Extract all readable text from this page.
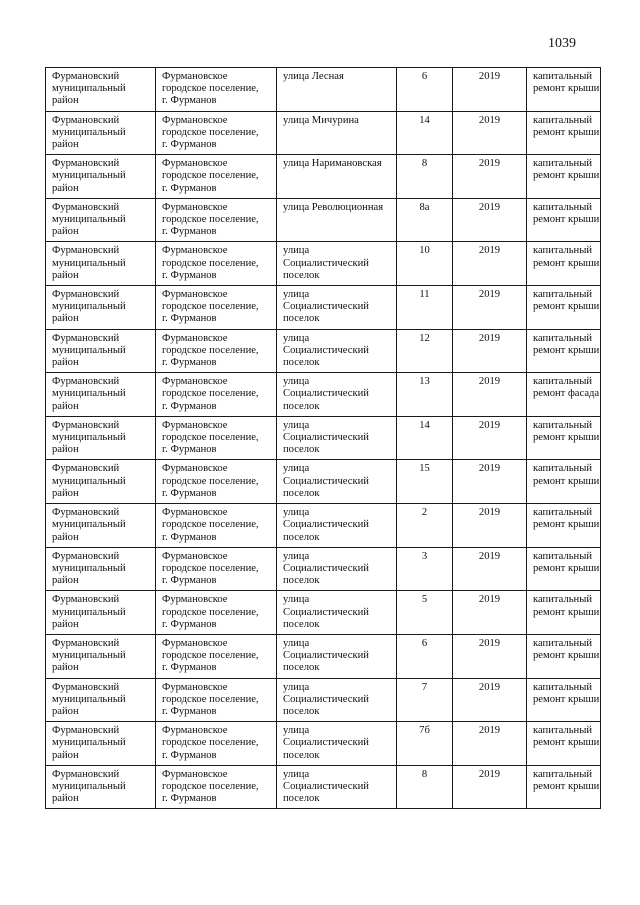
1039
Фурмановский
муниципальный
район	Фурмановское
городское поселение,
г. Фурманов	улица Лесная	6	2019	капитальный
ремонт крыши

Фурмановский
муниципальный
район	Фурмановское
городское поселение,
г. Фурманов	улица Мичурина	14	2019	капитальный
ремонт крыши

Фурмановский
муниципальный
район	Фурмановское
городское поселение,
г. Фурманов	улица Наримановская	8	2019	капитальный
ремонт крыши

Фурмановский
муниципальный
район	Фурмановское
городское поселение,
г. Фурманов	улица Революционная	8а	2019	капитальный
ремонт крыши

Фурмановский
муниципальный
район	Фурмановское
городское поселение,
г. Фурманов	улица
Социалистический
поселок	10	2019	капитальный
ремонт крыши

Фурмановский
муниципальный
район	Фурмановское
городское поселение,
г. Фурманов	улица
Социалистический
поселок	11	2019	капитальный
ремонт крыши

Фурмановский
муниципальный
район	Фурмановское
городское поселение,
г. Фурманов	улица
Социалистический
поселок	12	2019	капитальный
ремонт крыши

Фурмановский
муниципальный
район	Фурмановское
городское поселение,
г. Фурманов	улица
Социалистический
поселок	13	2019	капитальный
ремонт фасада

Фурмановский
муниципальный
район	Фурмановское
городское поселение,
г. Фурманов	улица
Социалистический
поселок	14	2019	капитальный
ремонт крыши

Фурмановский
муниципальный
район	Фурмановское
городское поселение,
г. Фурманов	улица
Социалистический
поселок	15	2019	капитальный
ремонт крыши

Фурмановский
муниципальный
район	Фурмановское
городское поселение,
г. Фурманов	улица
Социалистический
поселок	2	2019	капитальный
ремонт крыши

Фурмановский
муниципальный
район	Фурмановское
городское поселение,
г. Фурманов	улица
Социалистический
поселок	3	2019	капитальный
ремонт крыши

Фурмановский
муниципальный
район	Фурмановское
городское поселение,
г. Фурманов	улица
Социалистический
поселок	5	2019	капитальный
ремонт крыши

Фурмановский
муниципальный
район	Фурмановское
городское поселение,
г. Фурманов	улица
Социалистический
поселок	6	2019	капитальный
ремонт крыши

Фурмановский
муниципальный
район	Фурмановское
городское поселение,
г. Фурманов	улица
Социалистический
поселок	7	2019	капитальный
ремонт крыши

Фурмановский
муниципальный
район	Фурмановское
городское поселение,
г. Фурманов	улица
Социалистический
поселок	7б	2019	капитальный
ремонт крыши

Фурмановский
муниципальный
район	Фурмановское
городское поселение,
г. Фурманов	улица
Социалистический
поселок	8	2019	капитальный
ремонт крыши
